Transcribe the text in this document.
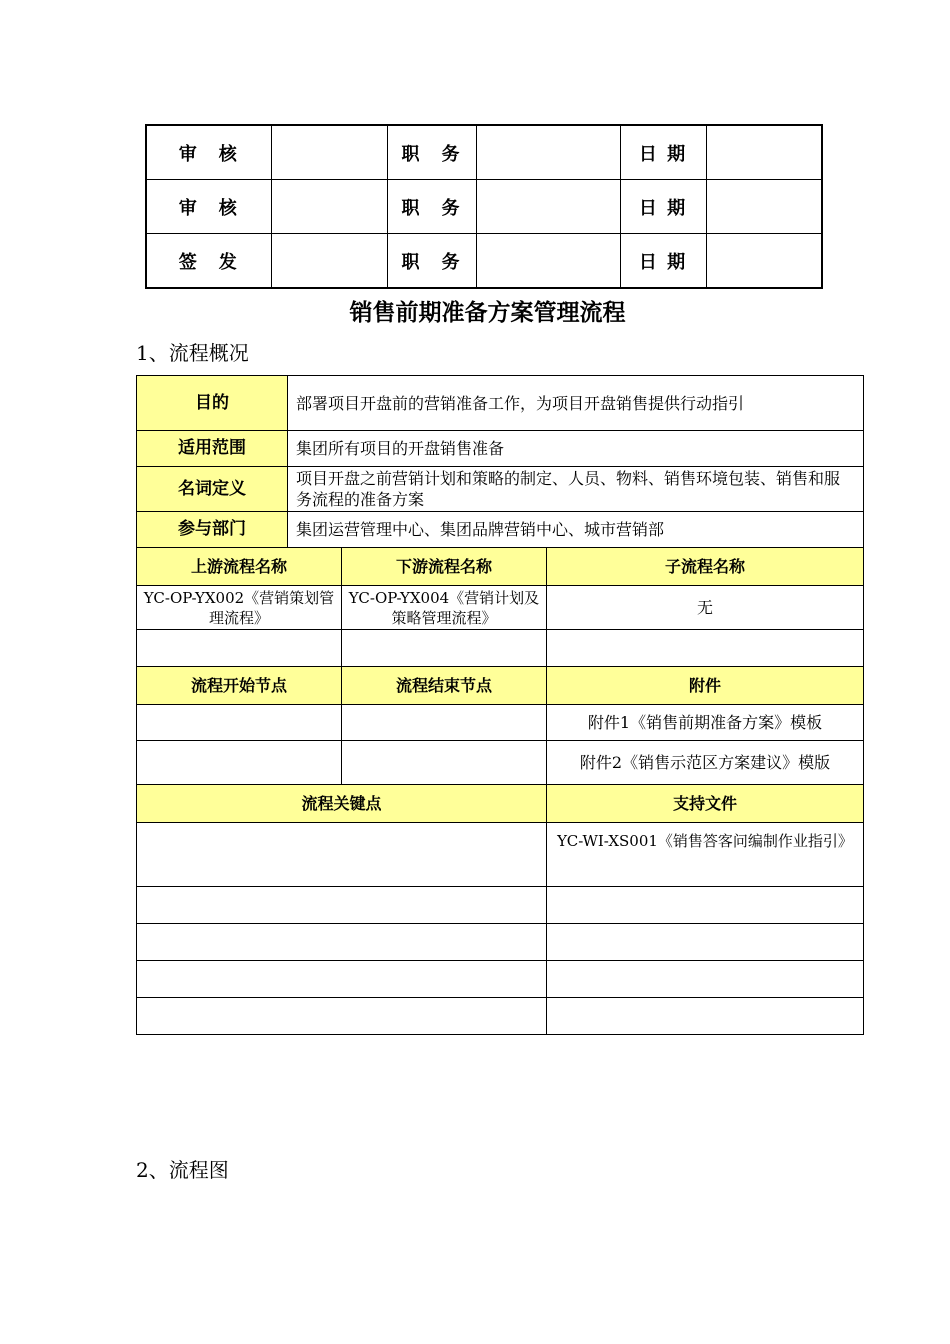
审　核		职　务		日 期	
审　核		职　务		日 期	
签　发		职　务		日 期	
销售前期准备方案管理流程
1、流程概况
目的	部署项目开盘前的营销准备工作，为项目开盘销售提供行动指引		
适用范围	集团所有项目的开盘销售准备		
名词定义	项目开盘之前营销计划和策略的制定、人员、物料、销售环境包装、销售和服务流程的准备方案		
参与部门	集团运营管理中心、集团品牌营销中心、城市营销部		
上游流程名称		下游流程名称	子流程名称
YC-OP-YX002《营销策划管理流程》		YC-OP-YX004《营销计划及策略管理流程》	无

流程开始节点		流程结束节点	附件
			附件1《销售前期准备方案》模板
			附件2《销售示范区方案建议》模版
流程关键点			支持文件
			YC-WI-XS001《销售答客问编制作业指引》

2、流程图
